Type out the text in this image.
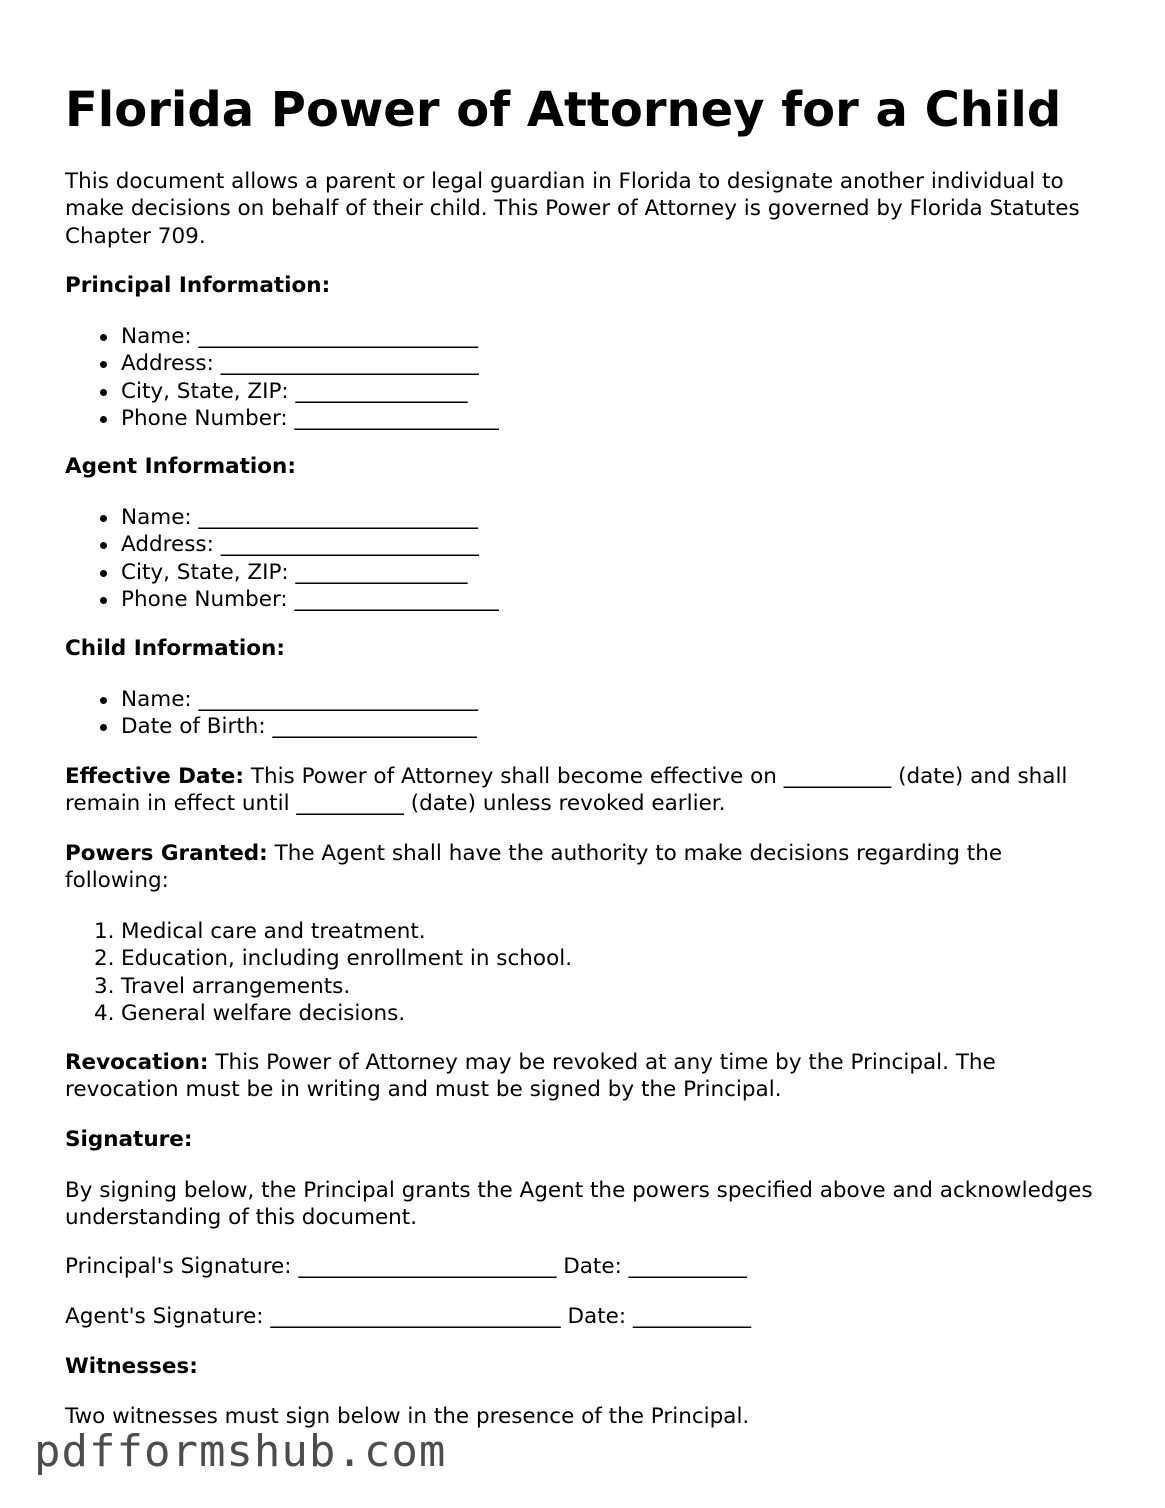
Florida Power of Attorney for a Child

This document allows a parent or legal guardian in Florida to designate another individual to make decisions on behalf of their child. This Power of Attorney is governed by Florida Statutes Chapter 709.

Principal Information:

Name: __________________________
Address: ________________________
City, State, ZIP: ________________
Phone Number: ___________________

Agent Information:

Name: __________________________
Address: ________________________
City, State, ZIP: ________________
Phone Number: ___________________

Child Information:

Name: __________________________
Date of Birth: ___________________

Effective Date: This Power of Attorney shall become effective on __________ (date) and shall remain in effect until __________ (date) unless revoked earlier.

Powers Granted: The Agent shall have the authority to make decisions regarding the following:

1. Medical care and treatment.
2. Education, including enrollment in school.
3. Travel arrangements.
4. General welfare decisions.

Revocation: This Power of Attorney may be revoked at any time by the Principal. The revocation must be in writing and must be signed by the Principal.

Signature:

By signing below, the Principal grants the Agent the powers specified above and acknowledges understanding of this document.

Principal's Signature: ________________________ Date: ___________

Agent's Signature: ___________________________ Date: ___________

Witnesses:

Two witnesses must sign below in the presence of the Principal.

pdfformshub.com
